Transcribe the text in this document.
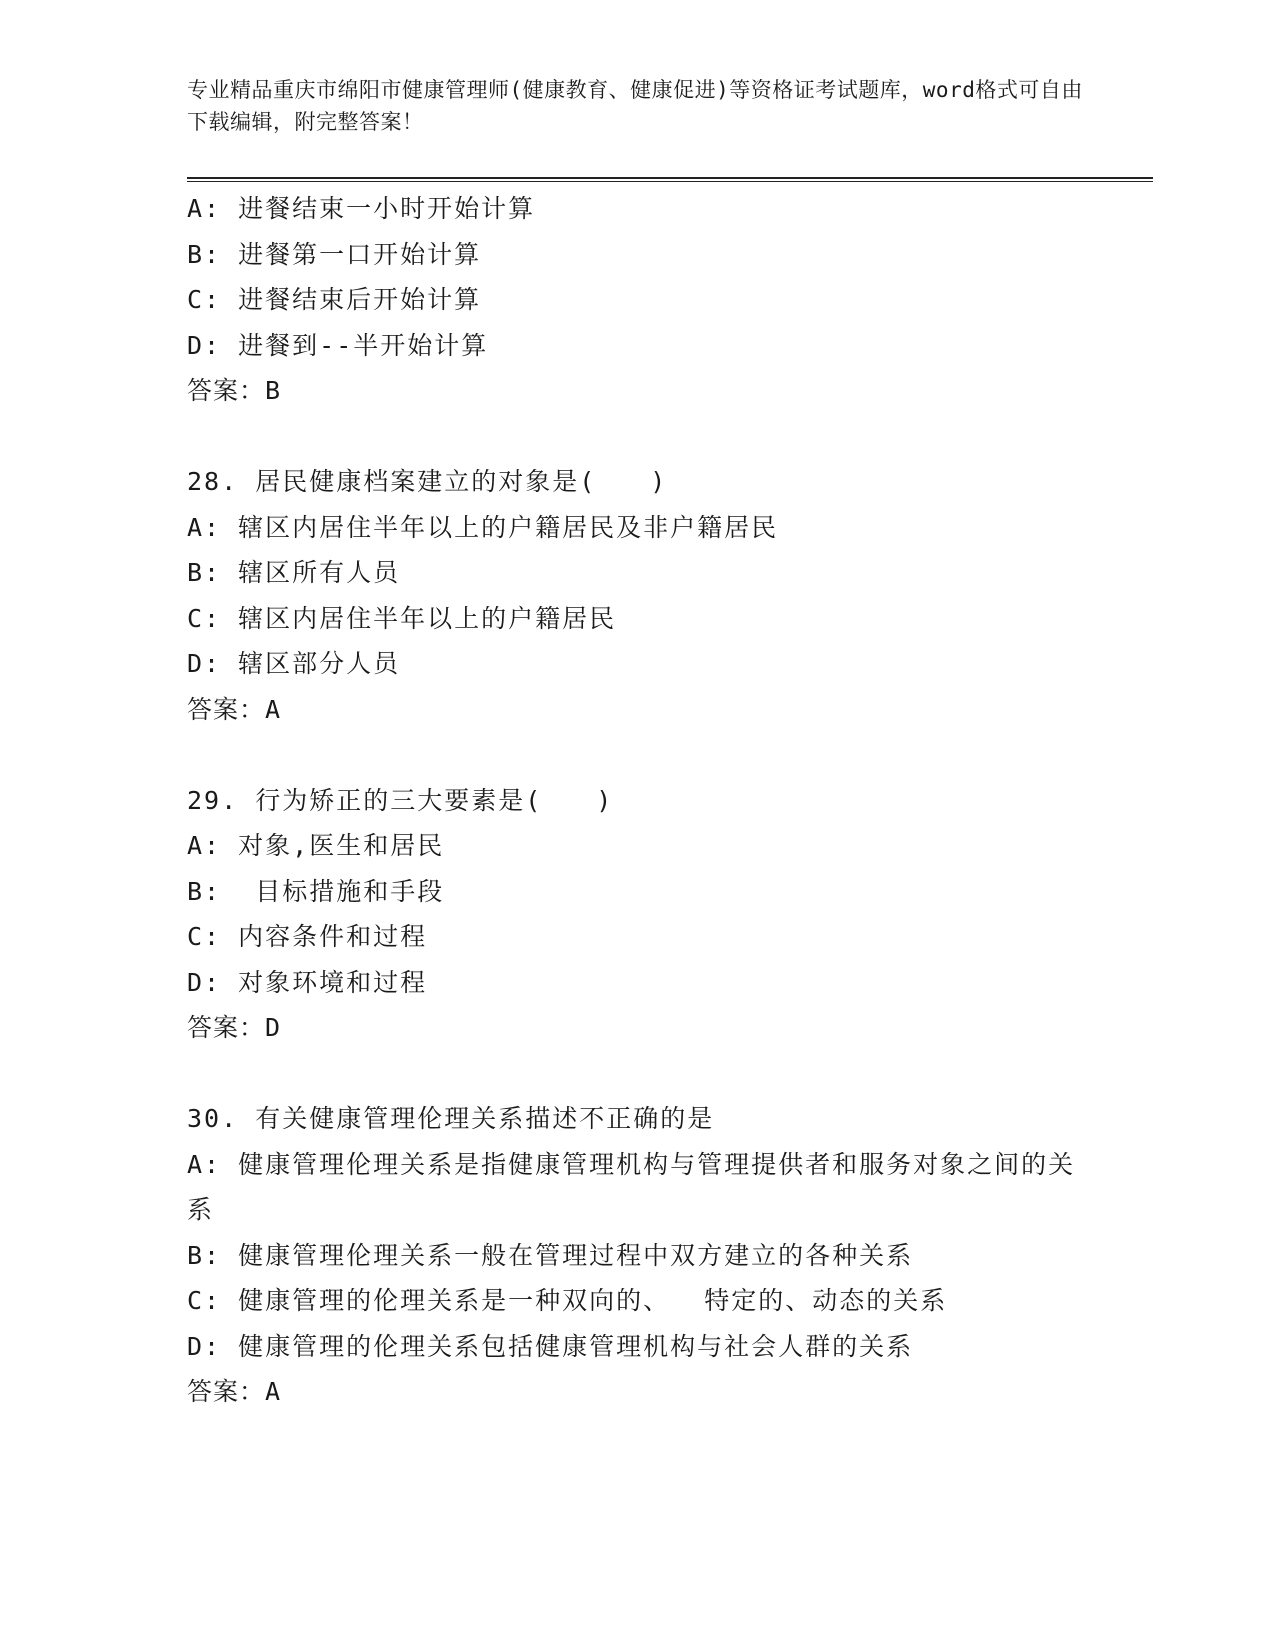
专业精品重庆市绵阳市健康管理师(健康教育、健康促进)等资格证考试题库，word格式可自由下载编辑，附完整答案！
A: 进餐结束一小时开始计算
B: 进餐第一口开始计算
C: 进餐结束后开始计算
D: 进餐到--半开始计算
答案：B
28. 居民健康档案建立的对象是(　　)
A: 辖区内居住半年以上的户籍居民及非户籍居民
B: 辖区所有人员
C: 辖区内居住半年以上的户籍居民
D: 辖区部分人员
答案：A
29. 行为矫正的三大要素是(　　)
A: 对象,医生和居民
B:  目标措施和手段
C: 内容条件和过程
D: 对象环境和过程
答案：D
30. 有关健康管理伦理关系描述不正确的是
A: 健康管理伦理关系是指健康管理机构与管理提供者和服务对象之间的关系
B: 健康管理伦理关系一般在管理过程中双方建立的各种关系
C: 健康管理的伦理关系是一种双向的、  特定的、动态的关系
D: 健康管理的伦理关系包括健康管理机构与社会人群的关系
答案：A
